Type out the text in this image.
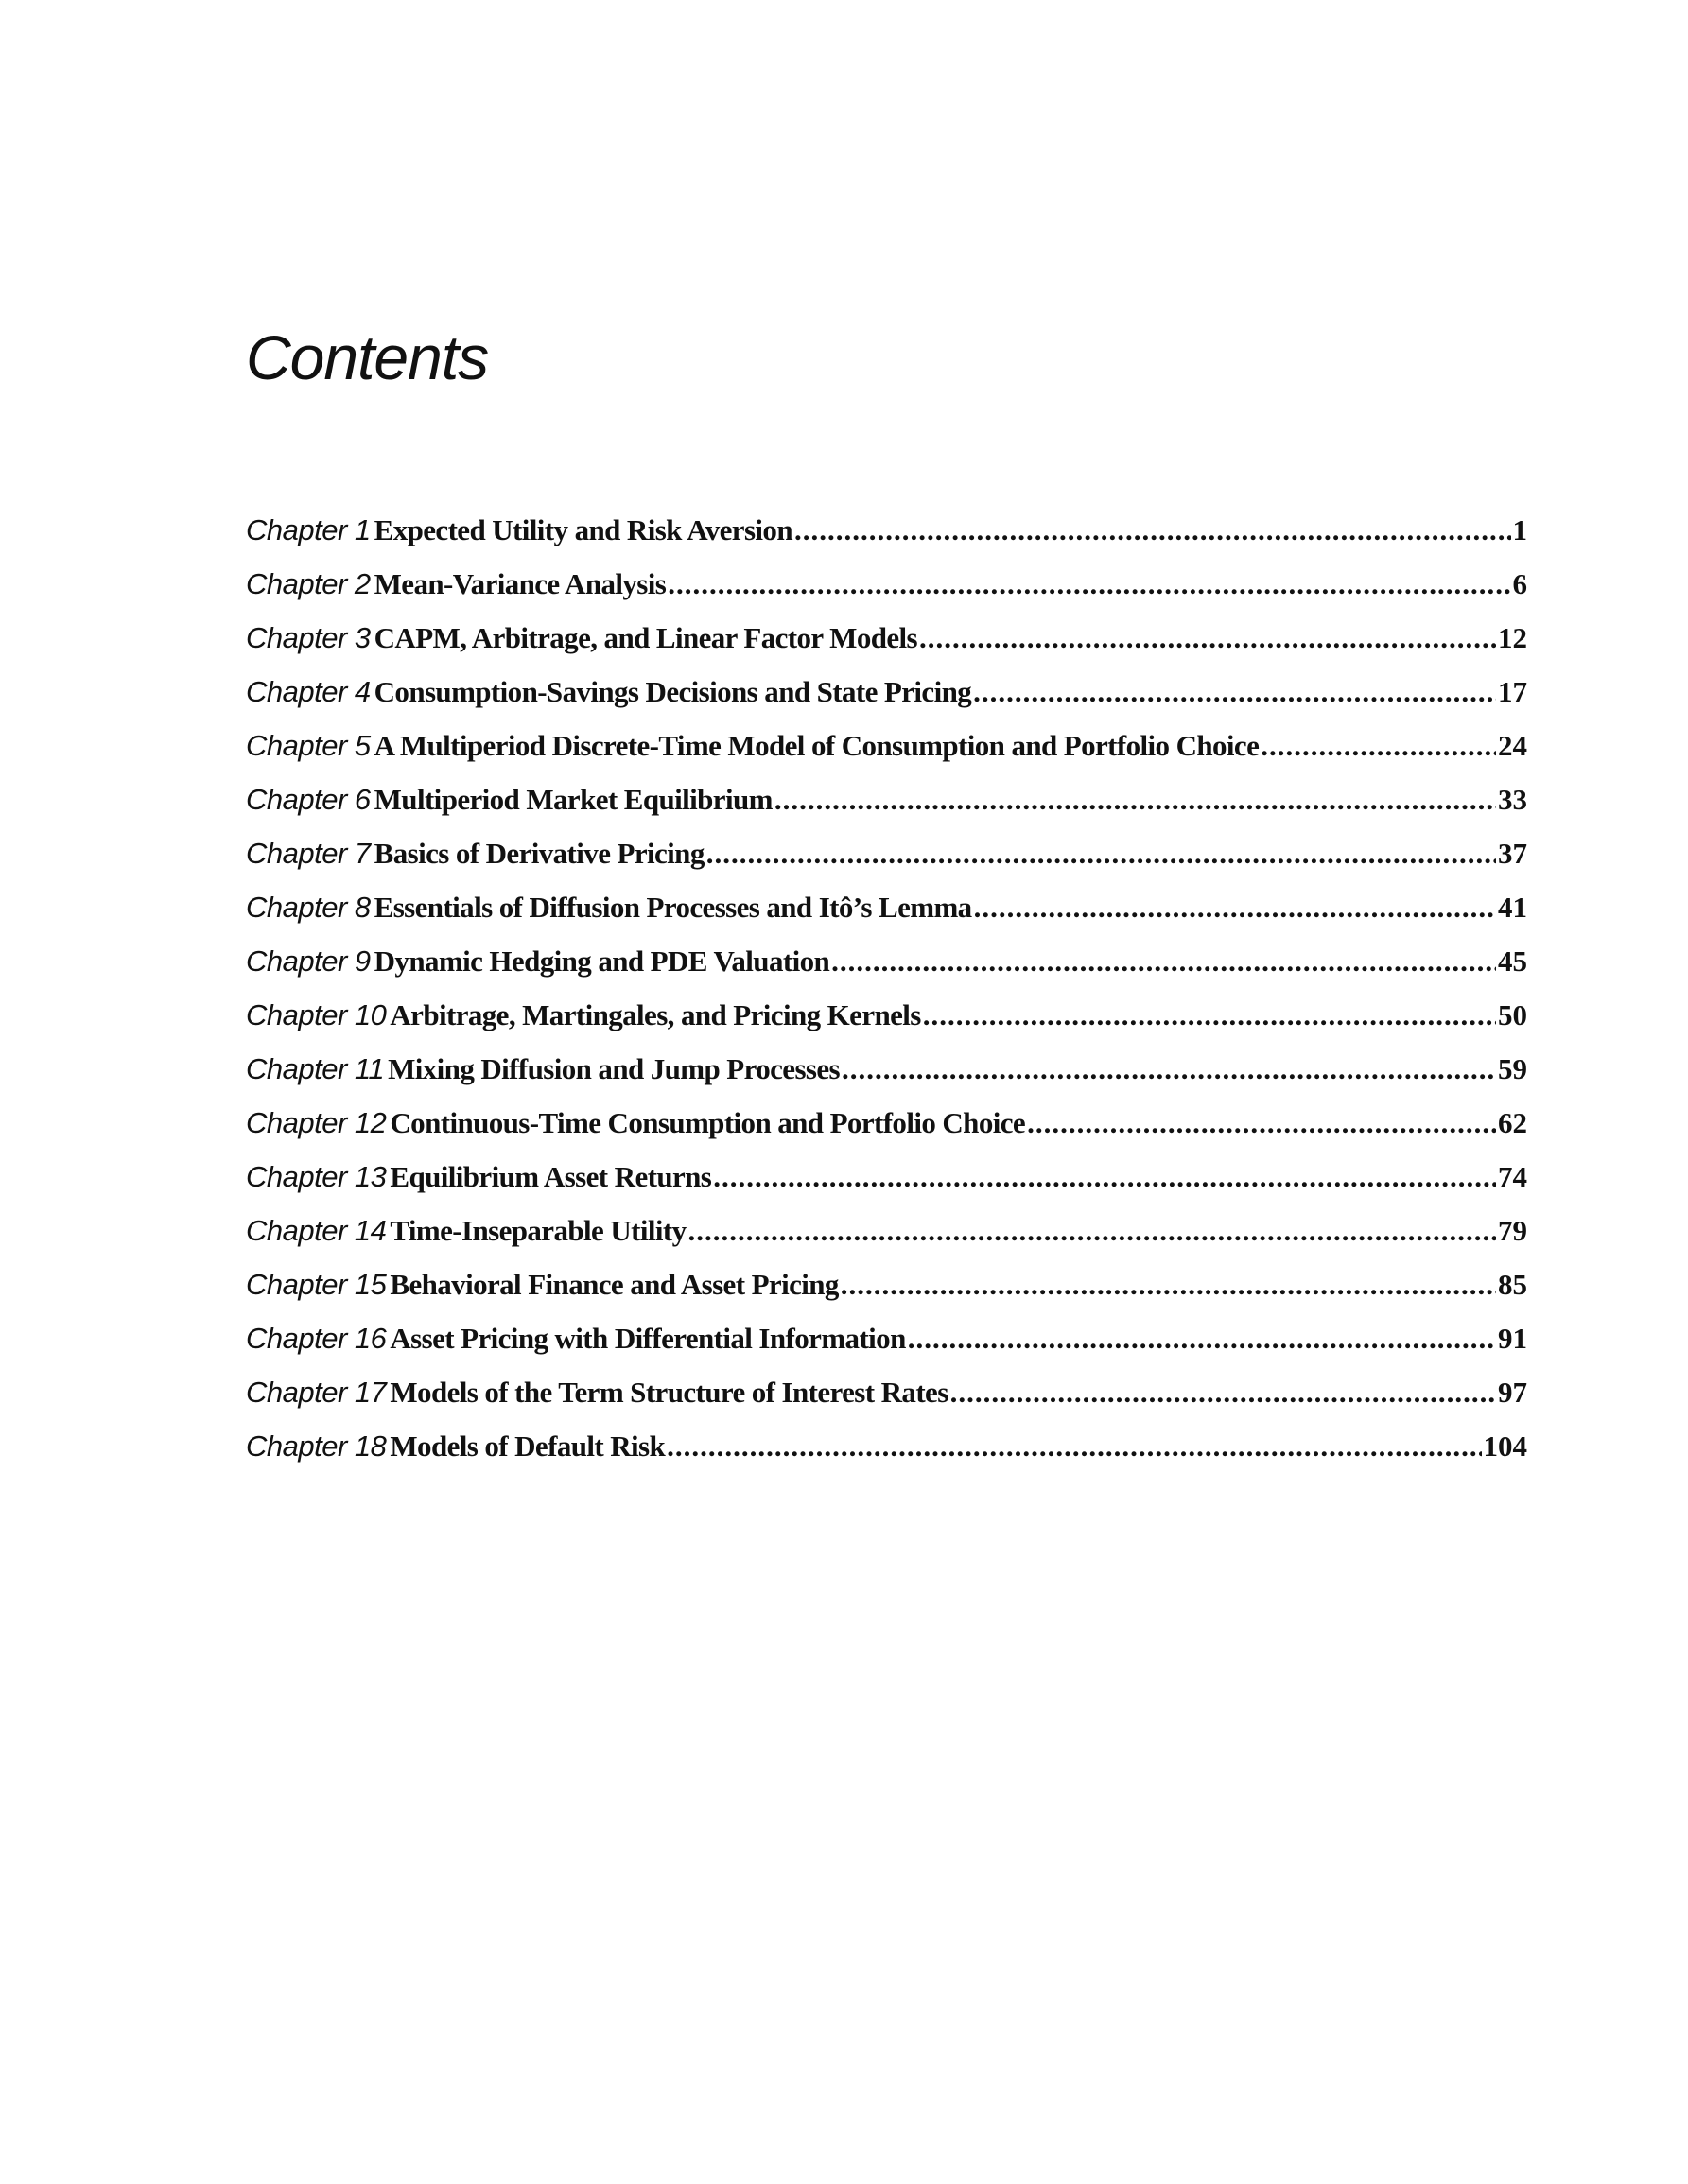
Contents
Chapter 1 Expected Utility and Risk Aversion .....	1
Chapter 2 Mean-Variance Analysis .....	6
Chapter 3 CAPM, Arbitrage, and Linear Factor Models .....	12
Chapter 4 Consumption-Savings Decisions and State Pricing .....	17
Chapter 5 A Multiperiod Discrete-Time Model of Consumption and Portfolio Choice .....	24
Chapter 6 Multiperiod Market Equilibrium .....	33
Chapter 7 Basics of Derivative Pricing .....	37
Chapter 8 Essentials of Diffusion Processes and Itô’s Lemma .....	41
Chapter 9 Dynamic Hedging and PDE Valuation .....	45
Chapter 10 Arbitrage, Martingales, and Pricing Kernels .....	50
Chapter 11 Mixing Diffusion and Jump Processes .....	59
Chapter 12 Continuous-Time Consumption and Portfolio Choice .....	62
Chapter 13 Equilibrium Asset Returns .....	74
Chapter 14 Time-Inseparable Utility .....	79
Chapter 15 Behavioral Finance and Asset Pricing .....	85
Chapter 16 Asset Pricing with Differential Information .....	91
Chapter 17 Models of the Term Structure of Interest Rates .....	97
Chapter 18 Models of Default Risk .....	104
